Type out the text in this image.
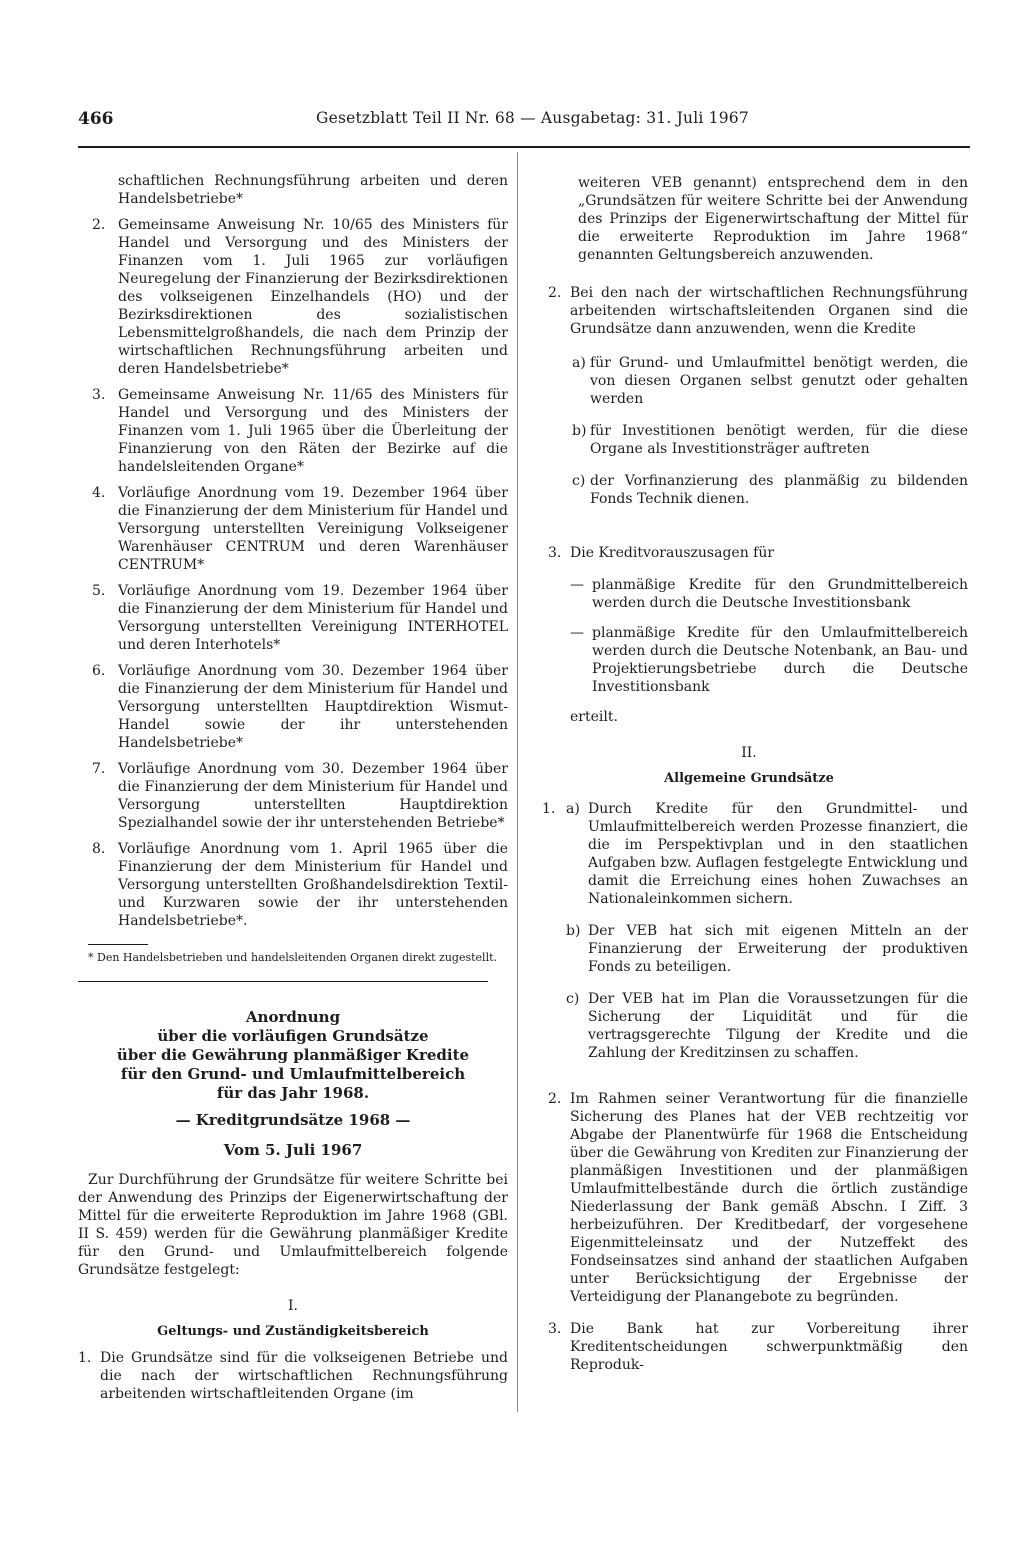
466	Gesetzblatt Teil II Nr. 68 — Ausgabetag: 31. Juli 1967
schaftlichen Rechnungsführung arbeiten und deren Handelsbetriebe*
2. Gemeinsame Anweisung Nr. 10/65 des Ministers für Handel und Versorgung und des Ministers der Finanzen vom 1. Juli 1965 zur vorläufigen Neuregelung der Finanzierung der Bezirksdirektionen des volkseigenen Einzelhandels (HO) und der Bezirksdirektionen des sozialistischen Lebensmittelgroßhandels, die nach dem Prinzip der wirtschaftlichen Rechnungsführung arbeiten und deren Handelsbetriebe*
3. Gemeinsame Anweisung Nr. 11/65 des Ministers für Handel und Versorgung und des Ministers der Finanzen vom 1. Juli 1965 über die Überleitung der Finanzierung von den Räten der Bezirke auf die handelsleitenden Organe*
4. Vorläufige Anordnung vom 19. Dezember 1964 über die Finanzierung der dem Ministerium für Handel und Versorgung unterstellten Vereinigung Volkseigener Warenhäuser CENTRUM und deren Warenhäuser CENTRUM*
5. Vorläufige Anordnung vom 19. Dezember 1964 über die Finanzierung der dem Ministerium für Handel und Versorgung unterstellten Vereinigung INTERHOTEL und deren Interhotels*
6. Vorläufige Anordnung vom 30. Dezember 1964 über die Finanzierung der dem Ministerium für Handel und Versorgung unterstellten Hauptdirektion Wismut-Handel sowie der ihr unterstehenden Handelsbetriebe*
7. Vorläufige Anordnung vom 30. Dezember 1964 über die Finanzierung der dem Ministerium für Handel und Versorgung unterstellten Hauptdirektion Spezialhandel sowie der ihr unterstehenden Betriebe*
8. Vorläufige Anordnung vom 1. April 1965 über die Finanzierung der dem Ministerium für Handel und Versorgung unterstellten Großhandelsdirektion Textil- und Kurzwaren sowie der ihr unterstehenden Handelsbetriebe*.

* Den Handelsbetrieben und handelsleitenden Organen direkt zugestellt.

Anordnung
über die vorläufigen Grundsätze
über die Gewährung planmäßiger Kredite
für den Grund- und Umlaufmittelbereich
für das Jahr 1968.
— Kreditgrundsätze 1968 —
Vom 5. Juli 1967
Zur Durchführung der Grundsätze für weitere Schritte bei der Anwendung des Prinzips der Eigenerwirtschaftung der Mittel für die erweiterte Reproduktion im Jahre 1968 (GBl. II S. 459) werden für die Gewährung planmäßiger Kredite für den Grund- und Umlaufmittelbereich folgende Grundsätze festgelegt:
I.
Geltungs- und Zuständigkeitsbereich
1. Die Grundsätze sind für die volkseigenen Betriebe und die nach der wirtschaftlichen Rechnungsführung arbeitenden wirtschaftleitenden Organe (im
weiteren VEB genannt) entsprechend dem in den „Grundsätzen für weitere Schritte bei der Anwendung des Prinzips der Eigenerwirtschaftung der Mittel für die erweiterte Reproduktion im Jahre 1968“ genannten Geltungsbereich anzuwenden.
2. Bei den nach der wirtschaftlichen Rechnungsführung arbeitenden wirtschaftsleitenden Organen sind die Grundsätze dann anzuwenden, wenn die Kredite
a) für Grund- und Umlaufmittel benötigt werden, die von diesen Organen selbst genutzt oder gehalten werden
b) für Investitionen benötigt werden, für die diese Organe als Investitionsträger auftreten
c) der Vorfinanzierung des planmäßig zu bildenden Fonds Technik dienen.
3. Die Kreditvorauszusagen für
— planmäßige Kredite für den Grundmittelbereich werden durch die Deutsche Investitionsbank
— planmäßige Kredite für den Umlaufmittelbereich werden durch die Deutsche Notenbank, an Bau- und Projektierungsbetriebe durch die Deutsche Investitionsbank
erteilt.
II.
Allgemeine Grundsätze
1. a) Durch Kredite für den Grundmittel- und Umlaufmittelbereich werden Prozesse finanziert, die die im Perspektivplan und in den staatlichen Aufgaben bzw. Auflagen festgelegte Entwicklung und damit die Erreichung eines hohen Zuwachses an Nationaleinkommen sichern.
b) Der VEB hat sich mit eigenen Mitteln an der Finanzierung der Erweiterung der produktiven Fonds zu beteiligen.
c) Der VEB hat im Plan die Voraussetzungen für die Sicherung der Liquidität und für die vertragsgerechte Tilgung der Kredite und die Zahlung der Kreditzinsen zu schaffen.
2. Im Rahmen seiner Verantwortung für die finanzielle Sicherung des Planes hat der VEB rechtzeitig vor Abgabe der Planentwürfe für 1968 die Entscheidung über die Gewährung von Krediten zur Finanzierung der planmäßigen Investitionen und der planmäßigen Umlaufmittelbestände durch die örtlich zuständige Niederlassung der Bank gemäß Abschn. I Ziff. 3 herbeizuführen. Der Kreditbedarf, der vorgesehene Eigenmitteleinsatz und der Nutzeffekt des Fondseinsatzes sind anhand der staatlichen Aufgaben unter Berücksichtigung der Ergebnisse der Verteidigung der Planangebote zu begründen.
3. Die Bank hat zur Vorbereitung ihrer Kreditentscheidungen schwerpunktmäßig den Reproduk-
